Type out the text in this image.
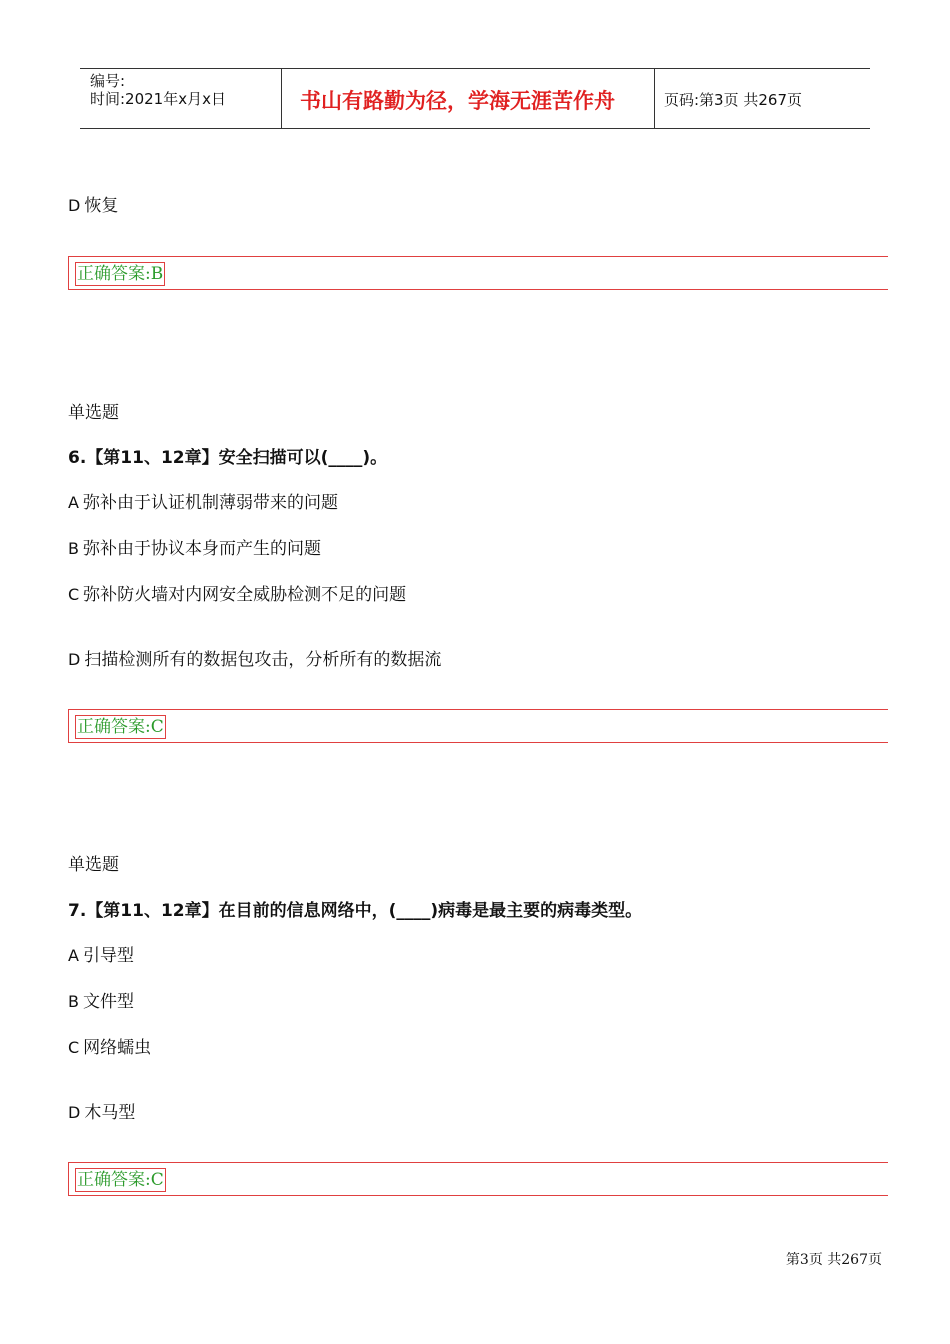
编号:
时间:2021年x月x日	书山有路勤为径，学海无涯苦作舟	页码:第3页 共267页
D 恢复
正确答案:B
单选题
6.【第11、12章】安全扫描可以(____)。
A 弥补由于认证机制薄弱带来的问题
B 弥补由于协议本身而产生的问题
C 弥补防火墙对内网安全威胁检测不足的问题
D 扫描检测所有的数据包攻击，分析所有的数据流
正确答案:C
单选题
7.【第11、12章】在目前的信息网络中，(____)病毒是最主要的病毒类型。
A 引导型
B 文件型
C 网络蠕虫
D 木马型
正确答案:C
第3页 共267页
